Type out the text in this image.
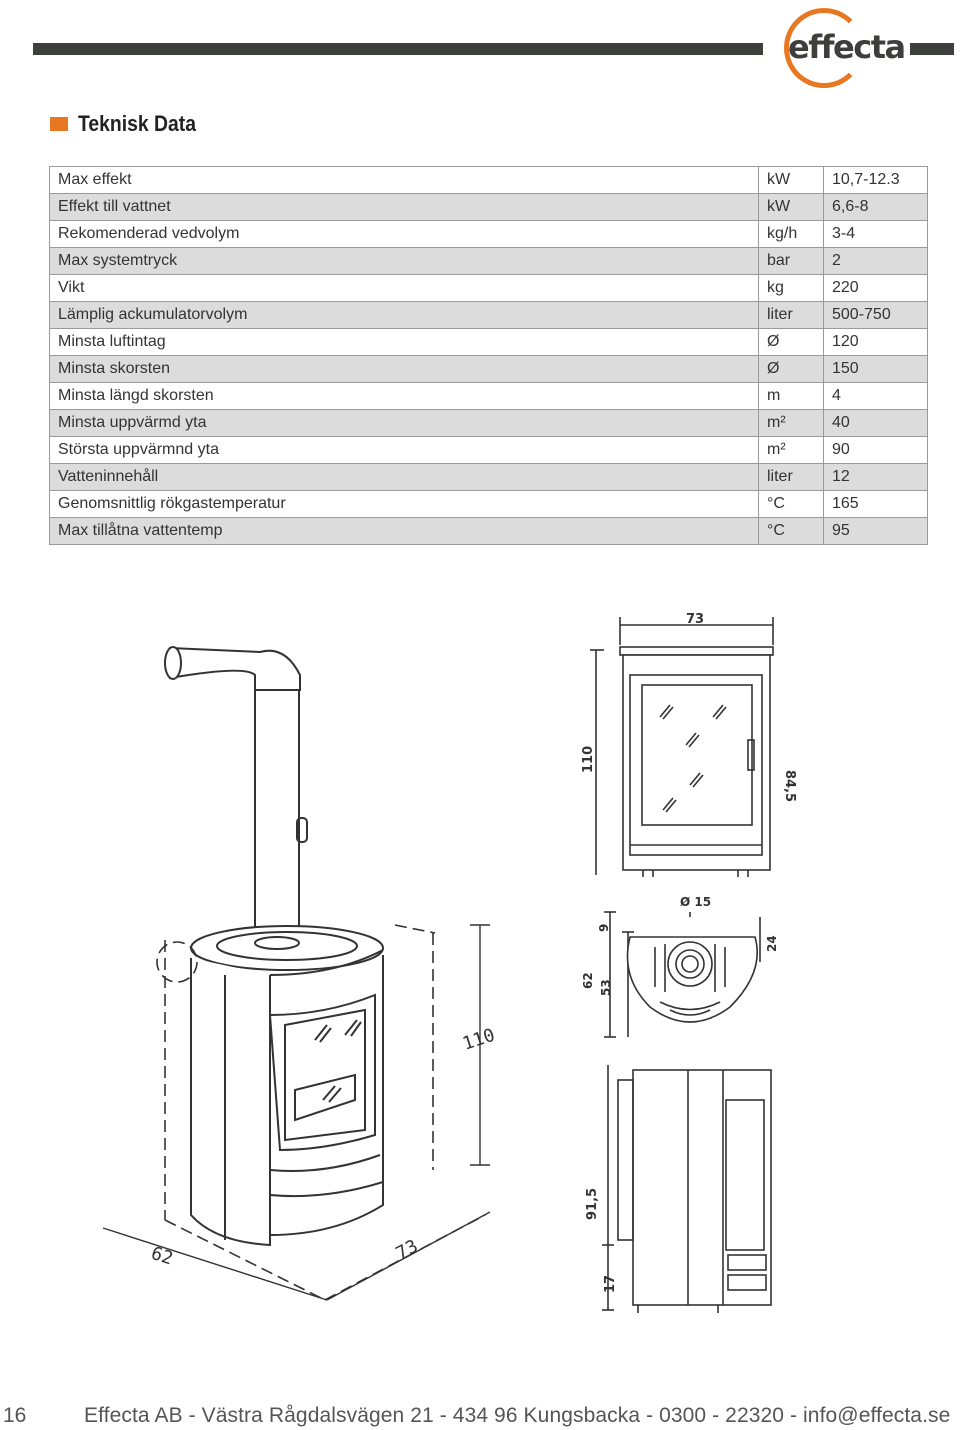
effecta
Teknisk Data
Max effekt	kW	10,7-12.3
Effekt till vattnet	kW	6,6-8
Rekomenderad vedvolym	kg/h	3-4
Max systemtryck	bar	2
Vikt	kg	220
Lämplig ackumulatorvolym	liter	500-750
Minsta luftintag	Ø	120
Minsta skorsten	Ø	150
Minsta längd skorsten	m	4
Minsta uppvärmd yta	m²	40
Största uppvärmnd yta	m²	90
Vatteninnehåll	liter	12
Genomsnittlig rökgastemperatur	°C	165
Max tillåtna vattentemp	°C	95
110
62	73
73
110
84,5
Ø 15
9
24
62 53
91,5
17
16	Effecta AB - Västra Rågdalsvägen 21 - 434 96 Kungsbacka - 0300 - 22320 - info@effecta.se
